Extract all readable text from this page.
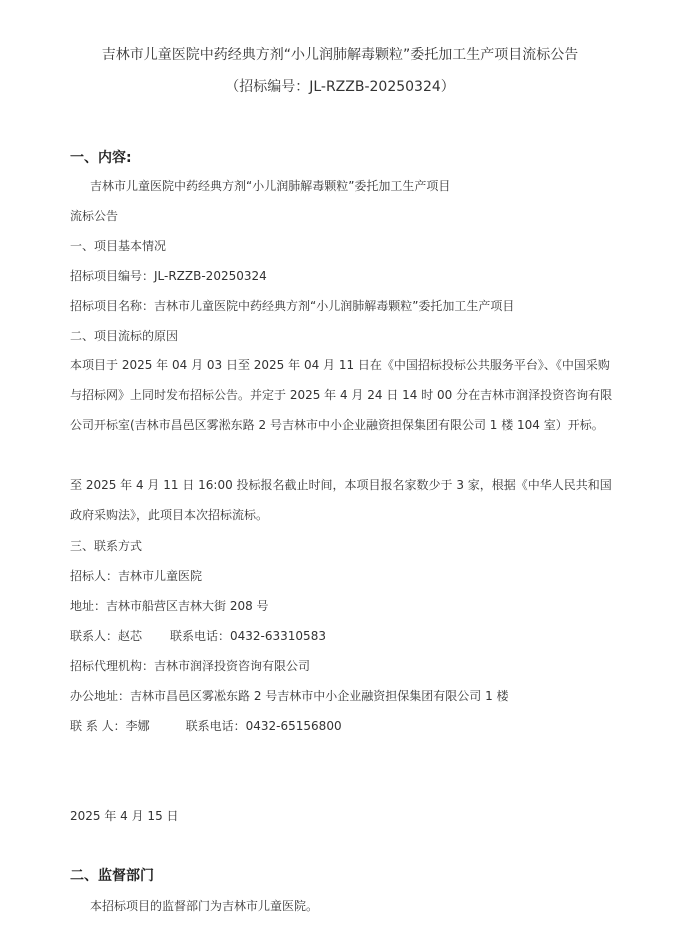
吉林市儿童医院中药经典方剂“小儿润肺解毒颗粒”委托加工生产项目流标公告
（招标编号：JL-RZZB-20250324）
一、内容:
吉林市儿童医院中药经典方剂“小儿润肺解毒颗粒”委托加工生产项目
流标公告
一、项目基本情况
招标项目编号：JL-RZZB-20250324
招标项目名称：吉林市儿童医院中药经典方剂“小儿润肺解毒颗粒”委托加工生产项目
二、项目流标的原因
本项目于 2025 年 04 月 03 日至 2025 年 04 月 11 日在《中国招标投标公共服务平台》、《中国采购与招标网》上同时发布招标公告。并定于 2025 年 4 月 24 日 14 时 00 分在吉林市润泽投资咨询有限公司开标室(吉林市昌邑区雾淞东路 2 号吉林市中小企业融资担保集团有限公司 1 楼 104 室）开标。
至 2025 年 4 月 11 日 16:00 投标报名截止时间，本项目报名家数少于 3 家，根据《中华人民共和国政府采购法》，此项目本次招标流标。
三、联系方式
招标人：吉林市儿童医院
地址：吉林市船营区吉林大街 208 号
联系人：赵芯 联系电话：0432-63310583
招标代理机构：吉林市润泽投资咨询有限公司
办公地址：吉林市昌邑区雾凇东路 2 号吉林市中小企业融资担保集团有限公司 1 楼
联 系 人：李娜	联系电话：0432-65156800
2025 年 4 月 15 日
二、监督部门
本招标项目的监督部门为吉林市儿童医院。
